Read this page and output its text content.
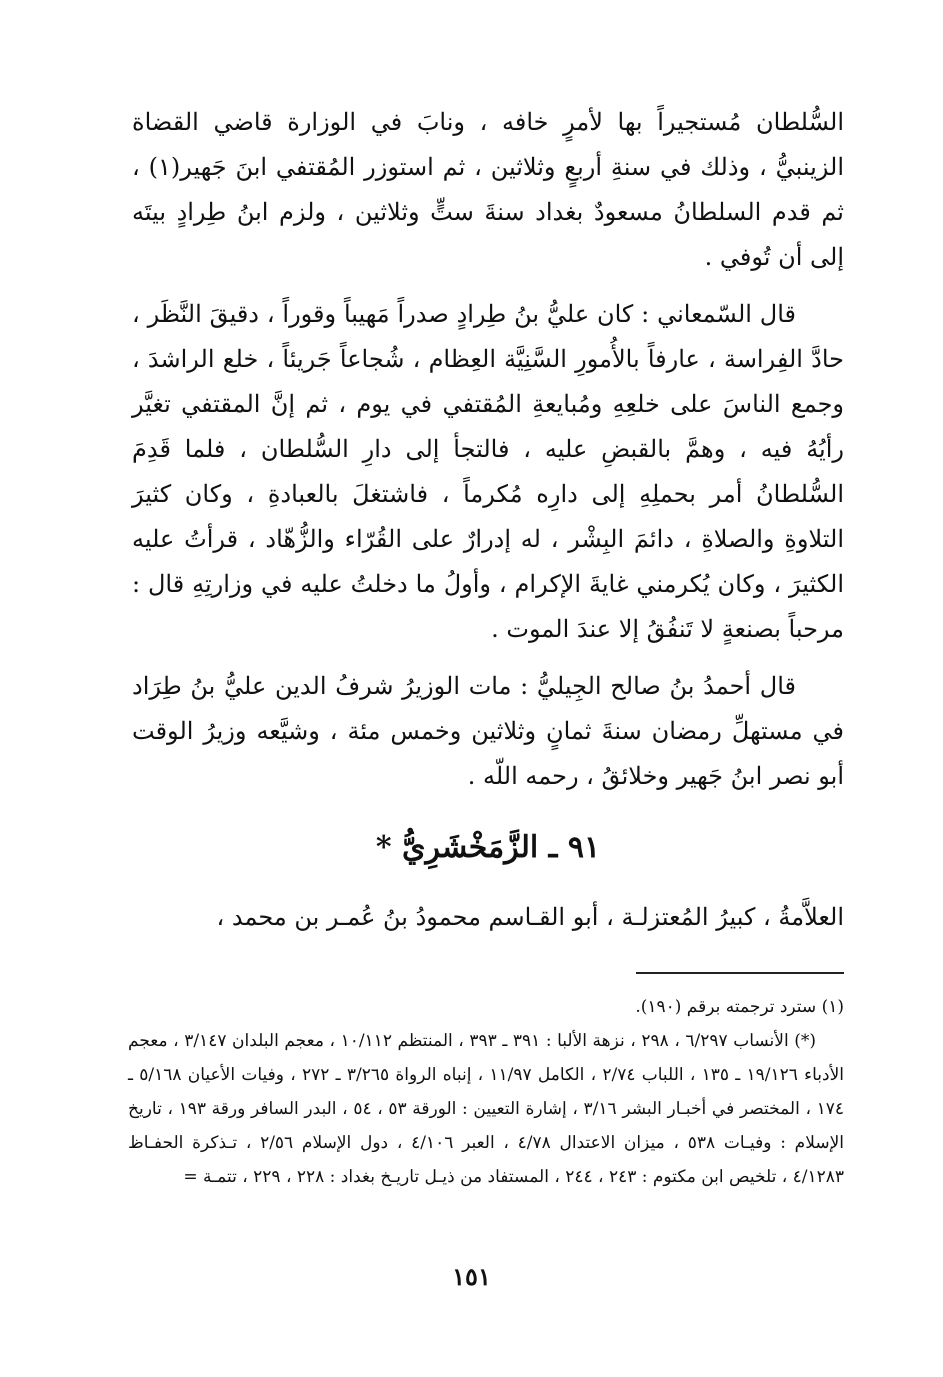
السُّلطان مُستجيراً بها لأمرٍ خافه ، ونابَ في الوزارة قاضي القضاة الزينبيُّ ، وذلك في سنةِ أربعٍ وثلاثين ، ثم استوزر المُقتفي ابنَ جَهير(١) ، ثم قدم السلطانُ مسعودٌ بغداد سنةَ ستٍّ وثلاثين ، ولزم ابنُ طِرادٍ بيتَه إلى أن تُوفي .

قال السّمعاني : كان عليُّ بنُ طِرادٍ صدراً مَهيباً وقوراً ، دقيقَ النَّظَر ، حادَّ الفِراسة ، عارفاً بالأُمورِ السَّنِيَّة العِظام ، شُجاعاً جَريئاً ، خلع الراشدَ ، وجمع الناسَ على خلعِهِ ومُبايعةِ المُقتفي في يوم ، ثم إنَّ المقتفي تغيَّر رأيُهُ فيه ، وهمَّ بالقبضِ عليه ، فالتجأ إلى دارِ السُّلطان ، فلما قَدِمَ السُّلطانُ أمر بحملِهِ إلى دارِه مُكرماً ، فاشتغلَ بالعبادةِ ، وكان كثيرَ التلاوةِ والصلاةِ ، دائمَ البِشْر ، له إدرارٌ على القُرّاء والزُّهّاد ، قرأتُ عليه الكثيرَ ، وكان يُكرمني غايةَ الإكرام ، وأولُ ما دخلتُ عليه في وزارتِهِ قال : مرحباً بصنعةٍ لا تَنفُقُ إلا عندَ الموت .

قال أحمدُ بنُ صالح الجِيليُّ : مات الوزيرُ شرفُ الدين عليُّ بنُ طِرَاد في مستهلِّ رمضان سنةَ ثمانٍ وثلاثين وخمس مئة ، وشيَّعه وزيرُ الوقت أبو نصر ابنُ جَهير وخلائقُ ، رحمه اللّه .

٩١ ـ الزَّمَخْشَرِيُّ *

العلاَّمةُ ، كبيرُ المُعتزلـة ، أبو القـاسم محمودُ بنُ عُمـر بن محمد ،

(١) سترد ترجمته برقم (١٩٠).

(*) الأنساب ٦/٢٩٧ ، ٢٩٨ ، نزهة الألبا : ٣٩١ ـ ٣٩٣ ، المنتظم ١٠/١١٢ ، معجم البلدان ٣/١٤٧ ، معجم الأدباء ١٩/١٢٦ ـ ١٣٥ ، اللباب ٢/٧٤ ، الكامل ١١/٩٧ ، إنباه الرواة ٣/٢٦٥ ـ ٢٧٢ ، وفيات الأعيان ٥/١٦٨ ـ ١٧٤ ، المختصر في أخبـار البشر ٣/١٦ ، إشارة التعيين : الورقة ٥٣ ، ٥٤ ، البدر السافر ورقة ١٩٣ ، تاريخ الإسلام : وفيـات ٥٣٨ ، ميزان الاعتدال ٤/٧٨ ، العبر ٤/١٠٦ ، دول الإسلام ٢/٥٦ ، تـذكرة الحفـاظ ٤/١٢٨٣ ، تلخيص ابن مكتوم : ٢٤٣ ، ٢٤٤ ، المستفاد من ذيـل تاريـخ بغداد : ٢٢٨ ، ٢٢٩ ، تتمـة =

١٥١
